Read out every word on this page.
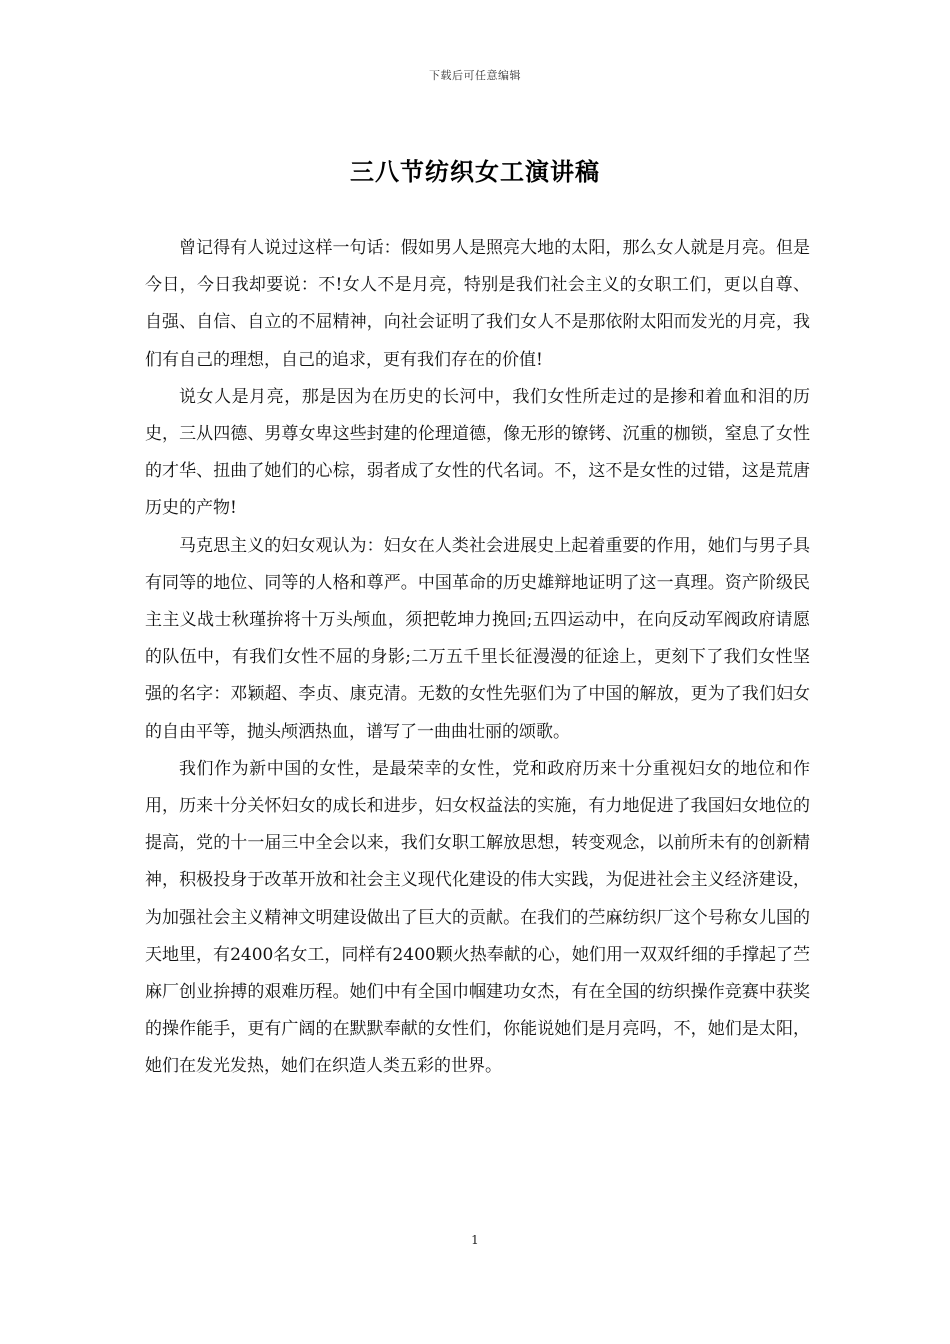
下载后可任意编辑
三八节纺织女工演讲稿

曾记得有人说过这样一句话：假如男人是照亮大地的太阳，那么女人就是月亮。但是今日，今日我却要说：不!女人不是月亮，特别是我们社会主义的女职工们，更以自尊、自强、自信、自立的不屈精神，向社会证明了我们女人不是那依附太阳而发光的月亮，我们有自己的理想，自己的追求，更有我们存在的价值!

说女人是月亮，那是因为在历史的长河中，我们女性所走过的是掺和着血和泪的历史，三从四德、男尊女卑这些封建的伦理道德，像无形的镣铐、沉重的枷锁，窒息了女性的才华、扭曲了她们的心棕，弱者成了女性的代名词。不，这不是女性的过错，这是荒唐历史的产物!

马克思主义的妇女观认为：妇女在人类社会进展史上起着重要的作用，她们与男子具有同等的地位、同等的人格和尊严。中国革命的历史雄辩地证明了这一真理。资产阶级民主主义战士秋瑾拚将十万头颅血，须把乾坤力挽回;五四运动中，在向反动军阀政府请愿的队伍中，有我们女性不屈的身影;二万五千里长征漫漫的征途上，更刻下了我们女性坚强的名字：邓颖超、李贞、康克清。无数的女性先驱们为了中国的解放，更为了我们妇女的自由平等，抛头颅洒热血，谱写了一曲曲壮丽的颂歌。

我们作为新中国的女性，是最荣幸的女性，党和政府历来十分重视妇女的地位和作用，历来十分关怀妇女的成长和进步，妇女权益法的实施，有力地促进了我国妇女地位的提高，党的十一届三中全会以来，我们女职工解放思想，转变观念，以前所未有的创新精神，积极投身于改革开放和社会主义现代化建设的伟大实践，为促进社会主义经济建设，为加强社会主义精神文明建设做出了巨大的贡献。在我们的苎麻纺织厂这个号称女儿国的天地里，有2400名女工，同样有2400颗火热奉献的心，她们用一双双纤细的手撑起了苎麻厂创业拚搏的艰难历程。她们中有全国巾帼建功女杰，有在全国的纺织操作竞赛中获奖的操作能手，更有广阔的在默默奉献的女性们，你能说她们是月亮吗，不，她们是太阳，她们在发光发热，她们在织造人类五彩的世界。

1
